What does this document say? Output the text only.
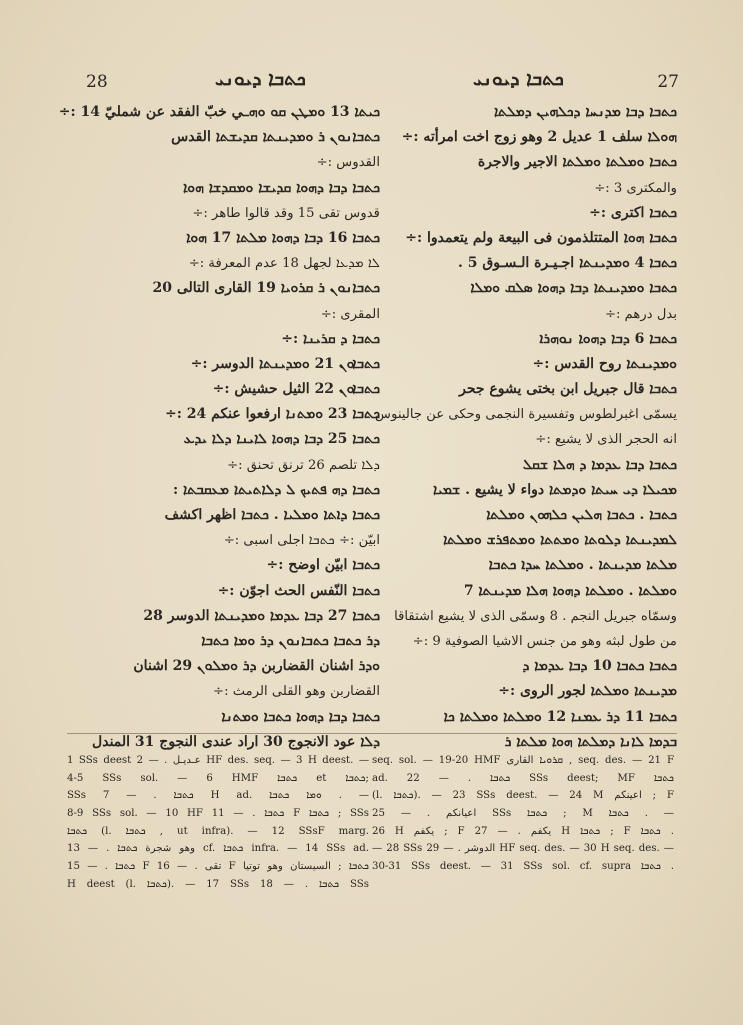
28	ܟܬܒܐ ܕܝܘܢܝ	ܟܬܒܐ ܕܝܘܢܝ	27
ܟܝܬܐ 13 ܘܡܛܢ ܩܘ ܘܗـي خبّ الفقد عن شمليّ 14 :÷
ܟܬܒܐܢܘܢ ܪ ܘܡܕܝܢܬܐ ܩܕܝܫܬܐ القدس
القدوس :÷
ܟܬܒܐ ܕܒܐ ܕܗܘܐ ܩܕܝܫܐ ܘܡܩܕܫܐ ܗܘܐ
قدوس تقى 15 وقد قالوا طاهر :÷
ܟܬܒܐ 16 ܕܒܐ ܕܗܘܐ ܡܠܬܐ 17 ܗܘܐ
ܠܐ ܡܕܥܐ لجهل 18 عدم المعرفة :÷
ܟܬܒܐܢܘܢ ܪ ܩܪܘܝܐ 19 القارى التالى 20
المقرى :÷
ܟܬܒܐ ܕ ܩܪܝܢܐ :÷
ܟܬܒܐܘܢ 21 ܘܡܕܝܢܬܐ الدوسر :÷
ܟܬܒܐܘܢ 22 الثيل حشيش :÷
ܟܬܒܐ 23 ܘܡܬܢܐ ارفعوا عنكم 24 :÷
ܟܬܒܐ 25 ܕܒܐ ܕܗܘܐ ܠܐܝܢܐ ܕܠܐ ܝܕܥ
ܕܠܐ تلصم 26 ترنق تحنق :÷
ܟܬܒܐ ܕܗ ܦܬܝܟ ܠ ܕܠܐܬܝܬܐ ܡܥܩܒܬܐ :
ܟܬܒܐ ܕܐܬܐ ܘܡܠܝܐ . ܟܬܒܐ اظهر اكشف
ابيّن :÷ ܟܬܒܐ اجلى اسبى :÷
ܟܬܒܐ ابيّن اوضح :÷
ܟܬܒܐ النّفس الحث اجوّن :÷
ܟܬܒܐ 27 ܕܒܐ ܥܕܡܐ ܘܡܕܝܢܬܐ الدوسر 28
ܕܪ ܟܬܒܐ ܟܬܒܐܢܘܢ ܕܪ ܘܡܐ ܟܬܒܐ
ܘܕܪ اشنان القضاربن ܕܪ ܘܡܠܘܢ 29 اشنان
القضاربن وهو القلى الرمث :÷
ܟܬܒܐ ܕܒܐ ܕܗܘܐ ܟܬܒܐ ܘܡܬܢܐ
ܕܠܐ عود الانجوج 30 اراد عندى النجوج 31 المندل
ܟܬܒܐ ܕܒܐ ܡܕܢܚܐ ܕܟܠܗܝܢ ܕܡܠܬܐ
ܗܘܠܐ سلف 1 عديل 2 وهو زوج اخت امرأته :÷
ܟܬܒܐ ܘܡܠܬܐ ܘܡܠܬܐ الاجير والاجرة
والمكترى 3 :÷
ܟܬܒܐ اكترى :÷
ܟܬܒܐ ܗܘܐ المتتلذمون فى البيعة ولم يتعمدوا :÷
ܟܬܒܐ 4 ܘܡܕܝܢܬܐ اجـيـرة الـسـوق 5 .
ܟܬܒܐ ܘܡܕܝܢܬܐ ܕܒܐ ܕܗܘܐ ܣܠܩ ܘܡܠܐ
بدل درهم :÷
ܟܬܒܐ 6 ܕܒܐ ܕܗܘܐ ܢܘܗܪܐ
ܘܡܕܝܢܬܐ روح القدس :÷
ܟܬܒܐ قال جبريل ابن بختى يشوع جحر
يسمّى اغبرلطوس وتفسيرة النجمى وحكى عن جالينوس
انه الحجر الذى لا يشيع :÷
ܟܬܒܐ ܕܒܐ ܥܕܡܐ ܕ ܗܠܐ ܫܩܠ
ܡܟܝܠܐ ܕܝ ܚܝܬܐ ܘܕܡܬܐ دواء لا يشيع . ܫܡܝܐ
ܟܬܒܐ . ܟܬܒܐ ܗܠܝܢ ܟܠܗܘܢ ܘܡܠܬܐ
ܠܡܕܝܢܬܐ ܕܠܘܬܐ ܘܡܬܬܐ ܘܡܬܦܪܫ ܘܡܠܬܐ
ܡܠܬܐ ܡܕܝܢܬܐ . ܘܡܠܬܐ ܚܕܐ ܟܬܒܐ
ܘܡܠܬܐ . ܘܡܠܬܐ ܕܗܘܐ ܗܠܐ ܡܕܝܢܬܐ 7
وسمّاه جبريل النجم . 8 وسمّى الذى لا يشيع اشتقاقا
من طول لبثه وهو من جنس الاشيا الصوفية 9 :÷
ܟܬܒܐ ܟܬܒܐ 10 ܕܒܐ ܥܕܡܐ ܕ
ܡܕܝܢܬܐ ܘܡܠܬܐ لجور الروى :÷
ܟܬܒܐ 11 ܕܪ ܥܡܢܐ 12 ܘܡܠܬܐ ܘܡܠܬܐ ܟܐ
ܒܕܡܐ ܠܐܢܐ ܕܡܠܬܐ ܗܘܐ ܡܠܬܐ ܪ
1 SSs deest عـديـل . — 2 HF des. seq. — 3 H deest. —
4-5 SSs sol. — 6 HMF ܟܬܒܐ et ܟܬܒܐ;
SSs ܟܬܒܐ . — 7 H ad. ܘܡܐ ܟܬܒܐ . —
8-9 SSs sol. — 10 HF ܟܬܒܐ . — 11 F ܟܬܒܐ ; SSs
ܟܬܒܐ (l. ܟܬܒܐ , ut infra). — 12 SSsF marg.
وهو شجرة ܟܬܒܐ . — 13 cf. ܟܬܒܐ infra. — 14 SSs ad.
ܟܬܒܐ . — 15 F تقى . — 16 F ܟܬܒܐ ; السيستان وهو توتيا
H deest (l. ܟܬܒܐ). — 17 SSs ܟܬܒܐ . — 18 SSs
seq. sol. — 19-20 HMF ܩܪܘܝܐ القارى , seq. des. — 21 F
ad. ܟܬܒܐ . — 22 SSs deest; MF ܟܬܒܐ
(l. ܟܬܒܐ). — 23 SSs deest. — 24 M اعينكم ; F
اعيانكم . — 25 SSs ܟܬܒܐ ; M ܟܬܒܐ . —
26 H يكفم ; F يكفم . — 27 H ܟܬܒܐ ; F ܟܬܒܐ .
— 28 SSs الدوشر . — 29 HF seq. des. — 30 H seq. des. —
30-31 SSs deest. — 31 SSs sol. cf. supra ܟܬܒܐ .
